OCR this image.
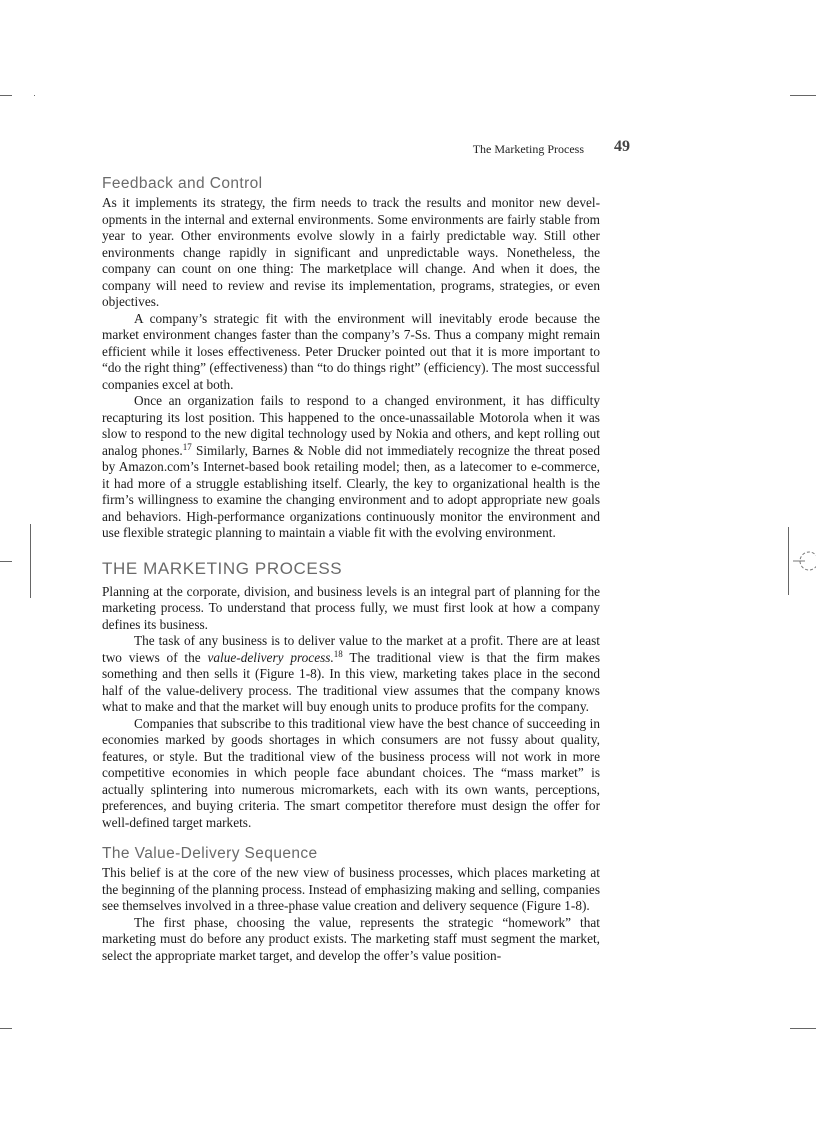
The Marketing Process 49
Feedback and Control

As it implements its strategy, the firm needs to track the results and monitor new developments in the internal and external environments. Some environments are fairly stable from year to year. Other environments evolve slowly in a fairly predictable way. Still other environments change rapidly in significant and unpredictable ways. Nonetheless, the company can count on one thing: The marketplace will change. And when it does, the company will need to review and revise its implementation, programs, strategies, or even objectives.

A company’s strategic fit with the environment will inevitably erode because the market environment changes faster than the company’s 7-Ss. Thus a company might remain efficient while it loses effectiveness. Peter Drucker pointed out that it is more important to “do the right thing” (effectiveness) than “to do things right” (efficiency). The most successful companies excel at both.

Once an organization fails to respond to a changed environment, it has difficulty recapturing its lost position. This happened to the once-unassailable Motorola when it was slow to respond to the new digital technology used by Nokia and others, and kept rolling out analog phones.$^{17}$ Similarly, Barnes & Noble did not immediately recognize the threat posed by Amazon.com’s Internet-based book retailing model; then, as a latecomer to e-commerce, it had more of a struggle establishing itself. Clearly, the key to organizational health is the firm’s willingness to examine the changing environment and to adopt appropriate new goals and behaviors. High-performance organizations continuously monitor the environment and use flexible strategic planning to maintain a viable fit with the evolving environment.

THE MARKETING PROCESS

Planning at the corporate, division, and business levels is an integral part of planning for the marketing process. To understand that process fully, we must first look at how a company defines its business.

The task of any business is to deliver value to the market at a profit. There are at least two views of the value-delivery process.$^{18}$ The traditional view is that the firm makes something and then sells it (Figure 1-8). In this view, marketing takes place in the second half of the value-delivery process. The traditional view assumes that the company knows what to make and that the market will buy enough units to produce profits for the company.

Companies that subscribe to this traditional view have the best chance of succeeding in economies marked by goods shortages in which consumers are not fussy about quality, features, or style. But the traditional view of the business process will not work in more competitive economies in which people face abundant choices. The “mass market” is actually splintering into numerous micromarkets, each with its own wants, perceptions, preferences, and buying criteria. The smart competitor therefore must design the offer for well-defined target markets.

The Value-Delivery Sequence

This belief is at the core of the new view of business processes, which places marketing at the beginning of the planning process. Instead of emphasizing making and selling, companies see themselves involved in a three-phase value creation and delivery sequence (Figure 1-8).

The first phase, choosing the value, represents the strategic “homework” that marketing must do before any product exists. The marketing staff must segment the market, select the appropriate market target, and develop the offer’s value position-
